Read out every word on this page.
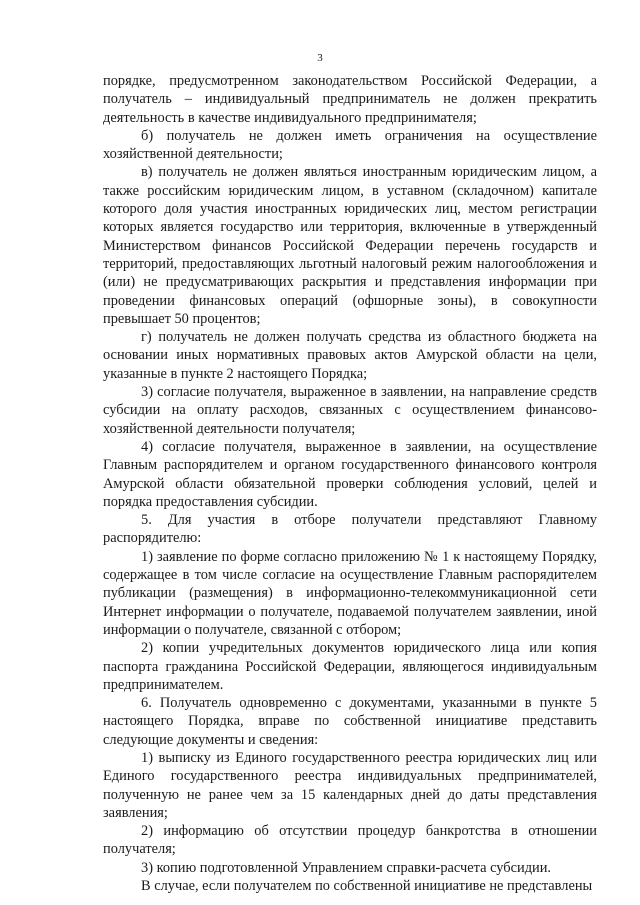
3

порядке, предусмотренном законодательством Российской Федерации, а получатель – индивидуальный предприниматель не должен прекратить деятельность в качестве индивидуального предпринимателя;

б) получатель не должен иметь ограничения на осуществление хозяйственной деятельности;

в) получатель не должен являться иностранным юридическим лицом, а также российским юридическим лицом, в уставном (складочном) капитале которого доля участия иностранных юридических лиц, местом регистрации которых является государство или территория, включенные в утвержденный Министерством финансов Российской Федерации перечень государств и территорий, предоставляющих льготный налоговый режим налогообложения и (или) не предусматривающих раскрытия и представления информации при проведении финансовых операций (офшорные зоны), в совокупности превышает 50 процентов;

г) получатель не должен получать средства из областного бюджета на основании иных нормативных правовых актов Амурской области на цели, указанные в пункте 2 настоящего Порядка;

3) согласие получателя, выраженное в заявлении, на направление средств субсидии на оплату расходов, связанных с осуществлением финансово-хозяйственной деятельности получателя;

4) согласие получателя, выраженное в заявлении, на осуществление Главным распорядителем и органом государственного финансового контроля Амурской области обязательной проверки соблюдения условий, целей и порядка предоставления субсидии.

5. Для участия в отборе получатели представляют Главному распорядителю:

1) заявление по форме согласно приложению № 1 к настоящему Порядку, содержащее в том числе согласие на осуществление Главным распорядителем публикации (размещения) в информационно-телекоммуникационной сети Интернет информации о получателе, подаваемой получателем заявлении, иной информации о получателе, связанной с отбором;

2) копии учредительных документов юридического лица или копия паспорта гражданина Российской Федерации, являющегося индивидуальным предпринимателем.

6. Получатель одновременно с документами, указанными в пункте 5 настоящего Порядка, вправе по собственной инициативе представить следующие документы и сведения:

1) выписку из Единого государственного реестра юридических лиц или Единого государственного реестра индивидуальных предпринимателей, полученную не ранее чем за 15 календарных дней до даты представления заявления;

2) информацию об отсутствии процедур банкротства в отношении получателя;

3) копию подготовленной Управлением справки-расчета субсидии.

В случае, если получателем по собственной инициативе не представлены
